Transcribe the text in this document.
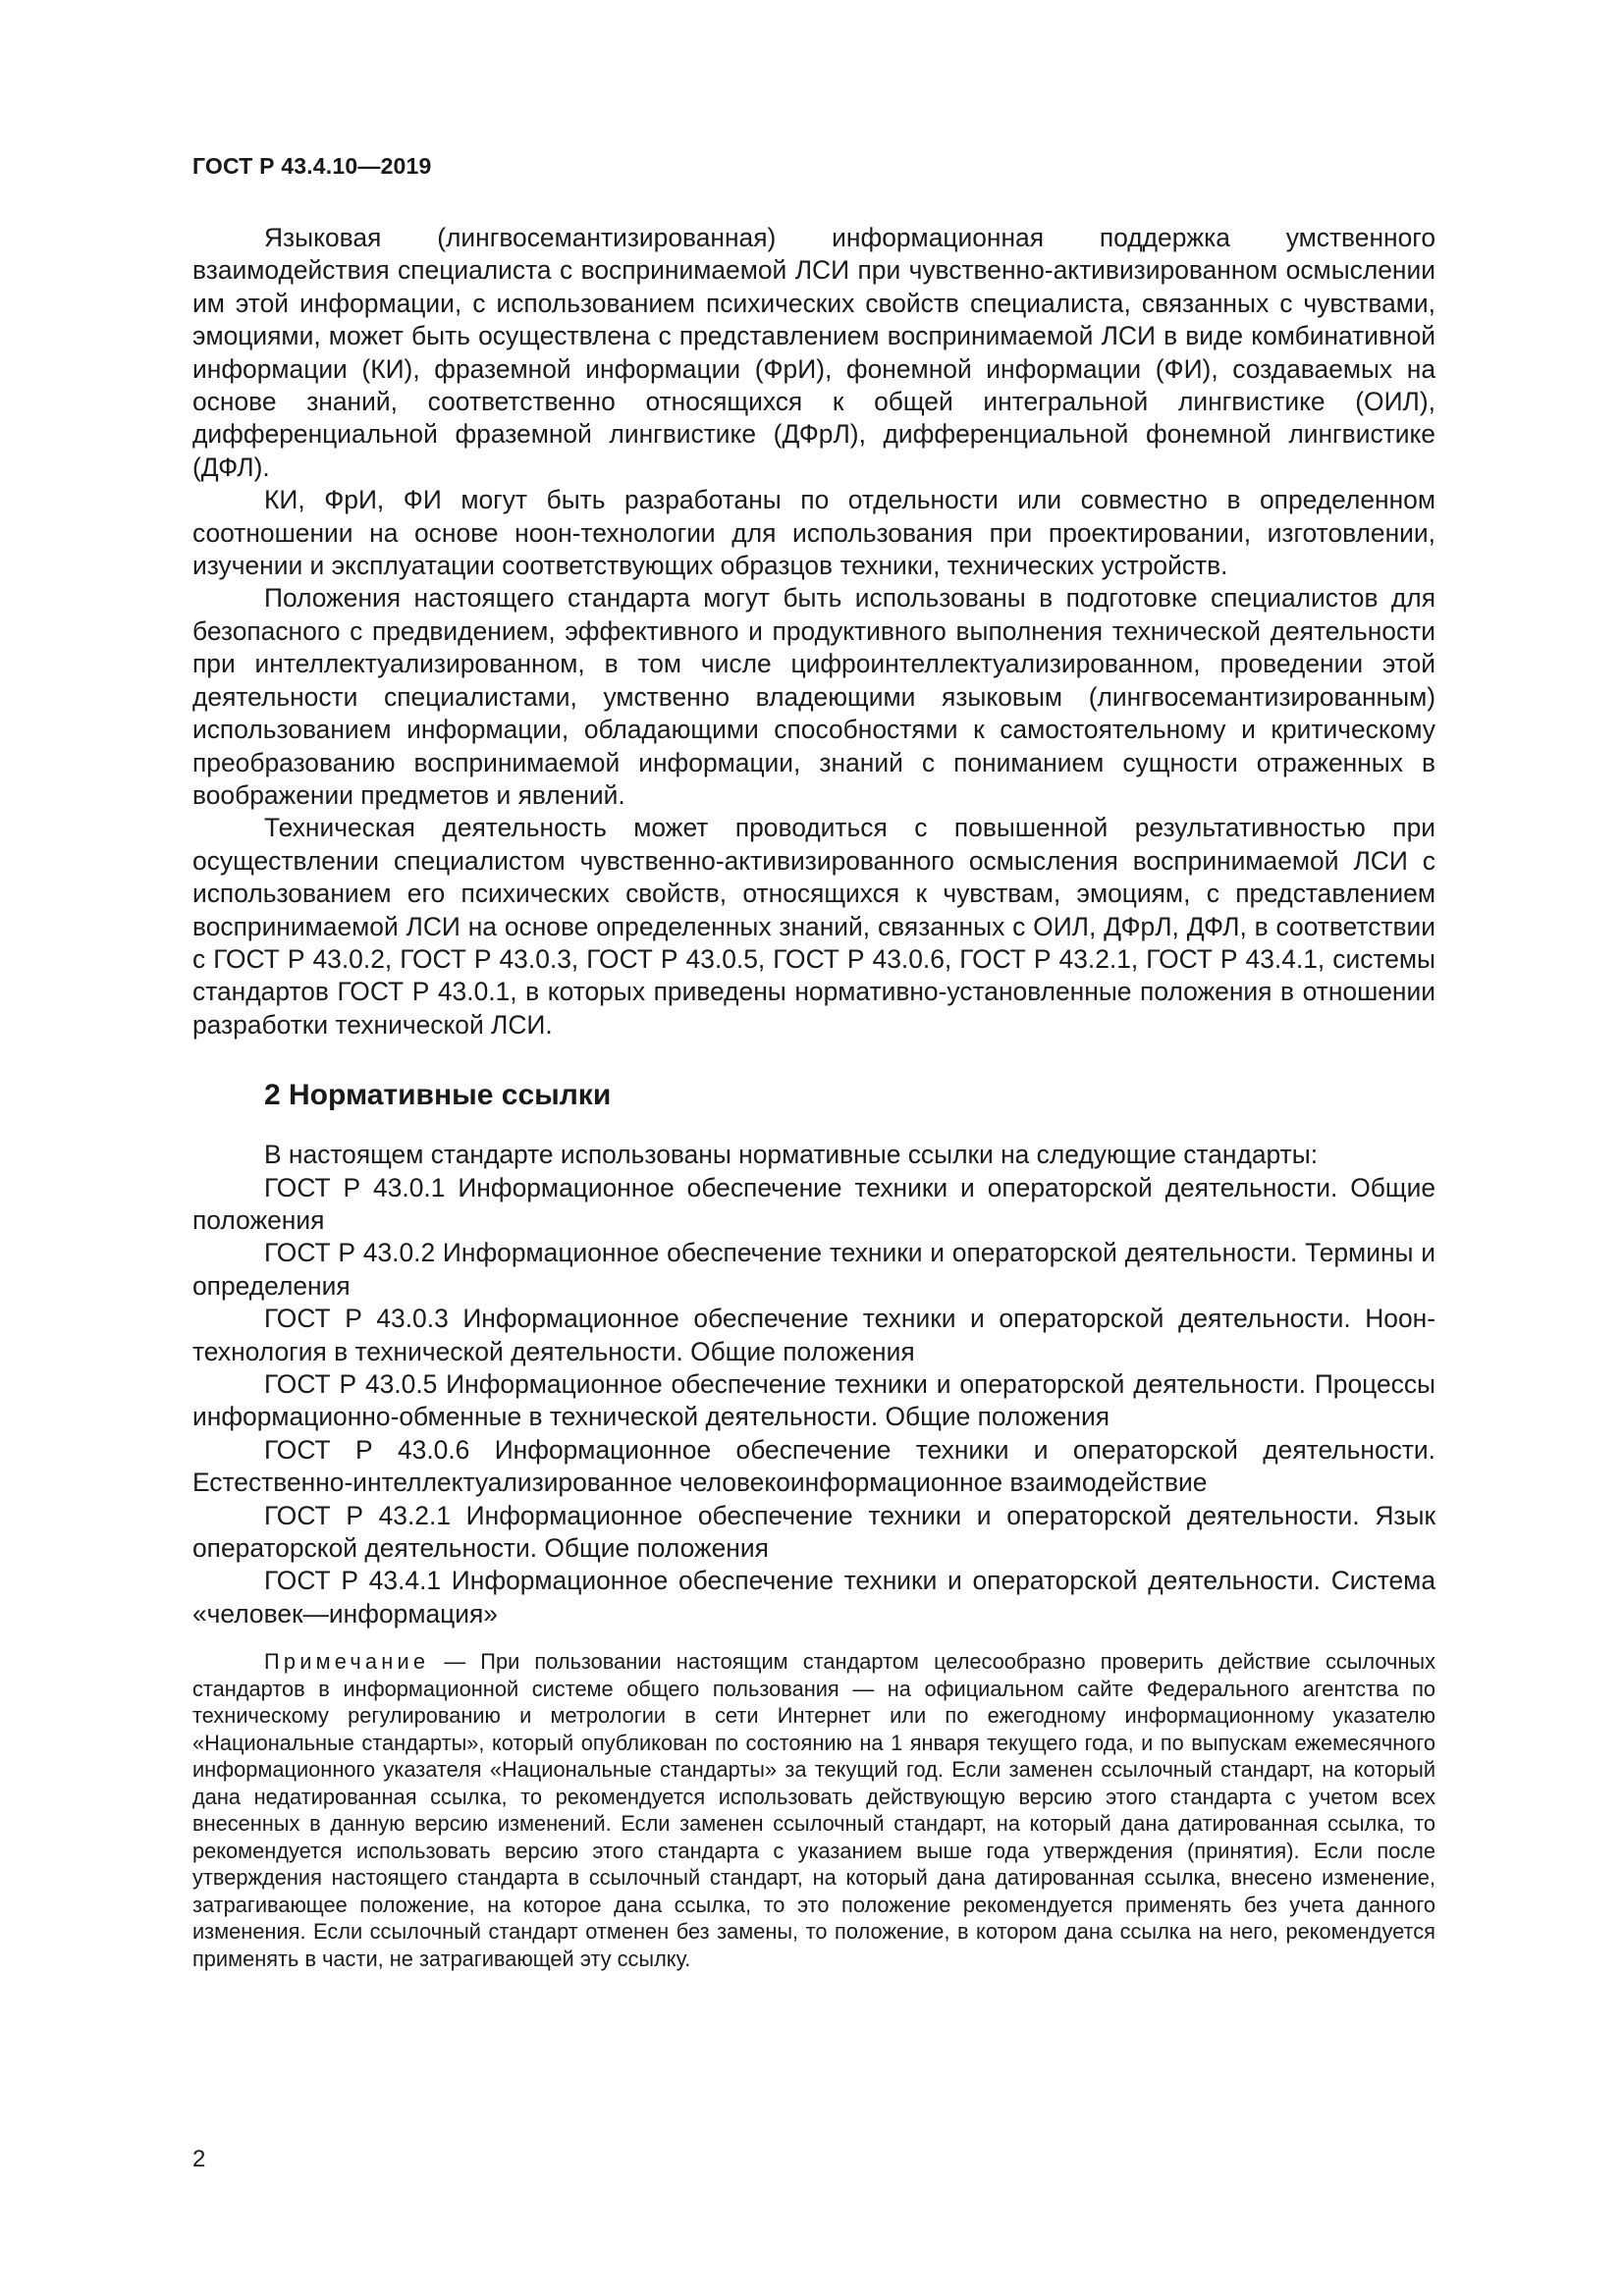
ГОСТ Р 43.4.10—2019

Языковая (лингвосемантизированная) информационная поддержка умственного взаимодействия специалиста с воспринимаемой ЛСИ при чувственно-активизированном осмыслении им этой информации, с использованием психических свойств специалиста, связанных с чувствами, эмоциями, может быть осуществлена с представлением воспринимаемой ЛСИ в виде комбинативной информации (КИ), фраземной информации (ФрИ), фонемной информации (ФИ), создаваемых на основе знаний, соответственно относящихся к общей интегральной лингвистике (ОИЛ), дифференциальной фраземной лингвистике (ДФрЛ), дифференциальной фонемной лингвистике (ДФЛ).

КИ, ФрИ, ФИ могут быть разработаны по отдельности или совместно в определенном соотношении на основе ноон-технологии для использования при проектировании, изготовлении, изучении и эксплуатации соответствующих образцов техники, технических устройств.

Положения настоящего стандарта могут быть использованы в подготовке специалистов для безопасного с предвидением, эффективного и продуктивного выполнения технической деятельности при интеллектуализированном, в том числе цифроинтеллектуализированном, проведении этой деятельности специалистами, умственно владеющими языковым (лингвосемантизированным) использованием информации, обладающими способностями к самостоятельному и критическому преобразованию воспринимаемой информации, знаний с пониманием сущности отраженных в воображении предметов и явлений.

Техническая деятельность может проводиться с повышенной результативностью при осуществлении специалистом чувственно-активизированного осмысления воспринимаемой ЛСИ с использованием его психических свойств, относящихся к чувствам, эмоциям, с представлением воспринимаемой ЛСИ на основе определенных знаний, связанных с ОИЛ, ДФрЛ, ДФЛ, в соответствии с ГОСТ Р 43.0.2, ГОСТ Р 43.0.3, ГОСТ Р 43.0.5, ГОСТ Р 43.0.6, ГОСТ Р 43.2.1, ГОСТ Р 43.4.1, системы стандартов ГОСТ Р 43.0.1, в которых приведены нормативно-установленные положения в отношении разработки технической ЛСИ.

2 Нормативные ссылки

В настоящем стандарте использованы нормативные ссылки на следующие стандарты:

ГОСТ Р 43.0.1 Информационное обеспечение техники и операторской деятельности. Общие положения

ГОСТ Р 43.0.2 Информационное обеспечение техники и операторской деятельности. Термины и определения

ГОСТ Р 43.0.3 Информационное обеспечение техники и операторской деятельности. Ноон-технология в технической деятельности. Общие положения

ГОСТ Р 43.0.5 Информационное обеспечение техники и операторской деятельности. Процессы информационно-обменные в технической деятельности. Общие положения

ГОСТ Р 43.0.6 Информационное обеспечение техники и операторской деятельности. Естественно-интеллектуализированное человекоинформационное взаимодействие

ГОСТ Р 43.2.1 Информационное обеспечение техники и операторской деятельности. Язык операторской деятельности. Общие положения

ГОСТ Р 43.4.1 Информационное обеспечение техники и операторской деятельности. Система «человек—информация»

Примечание — При пользовании настоящим стандартом целесообразно проверить действие ссылочных стандартов в информационной системе общего пользования — на официальном сайте Федерального агентства по техническому регулированию и метрологии в сети Интернет или по ежегодному информационному указателю «Национальные стандарты», который опубликован по состоянию на 1 января текущего года, и по выпускам ежемесячного информационного указателя «Национальные стандарты» за текущий год. Если заменен ссылочный стандарт, на который дана недатированная ссылка, то рекомендуется использовать действующую версию этого стандарта с учетом всех внесенных в данную версию изменений. Если заменен ссылочный стандарт, на который дана датированная ссылка, то рекомендуется использовать версию этого стандарта с указанием выше года утверждения (принятия). Если после утверждения настоящего стандарта в ссылочный стандарт, на который дана датированная ссылка, внесено изменение, затрагивающее положение, на которое дана ссылка, то это положение рекомендуется применять без учета данного изменения. Если ссылочный стандарт отменен без замены, то положение, в котором дана ссылка на него, рекомендуется применять в части, не затрагивающей эту ссылку.

2
